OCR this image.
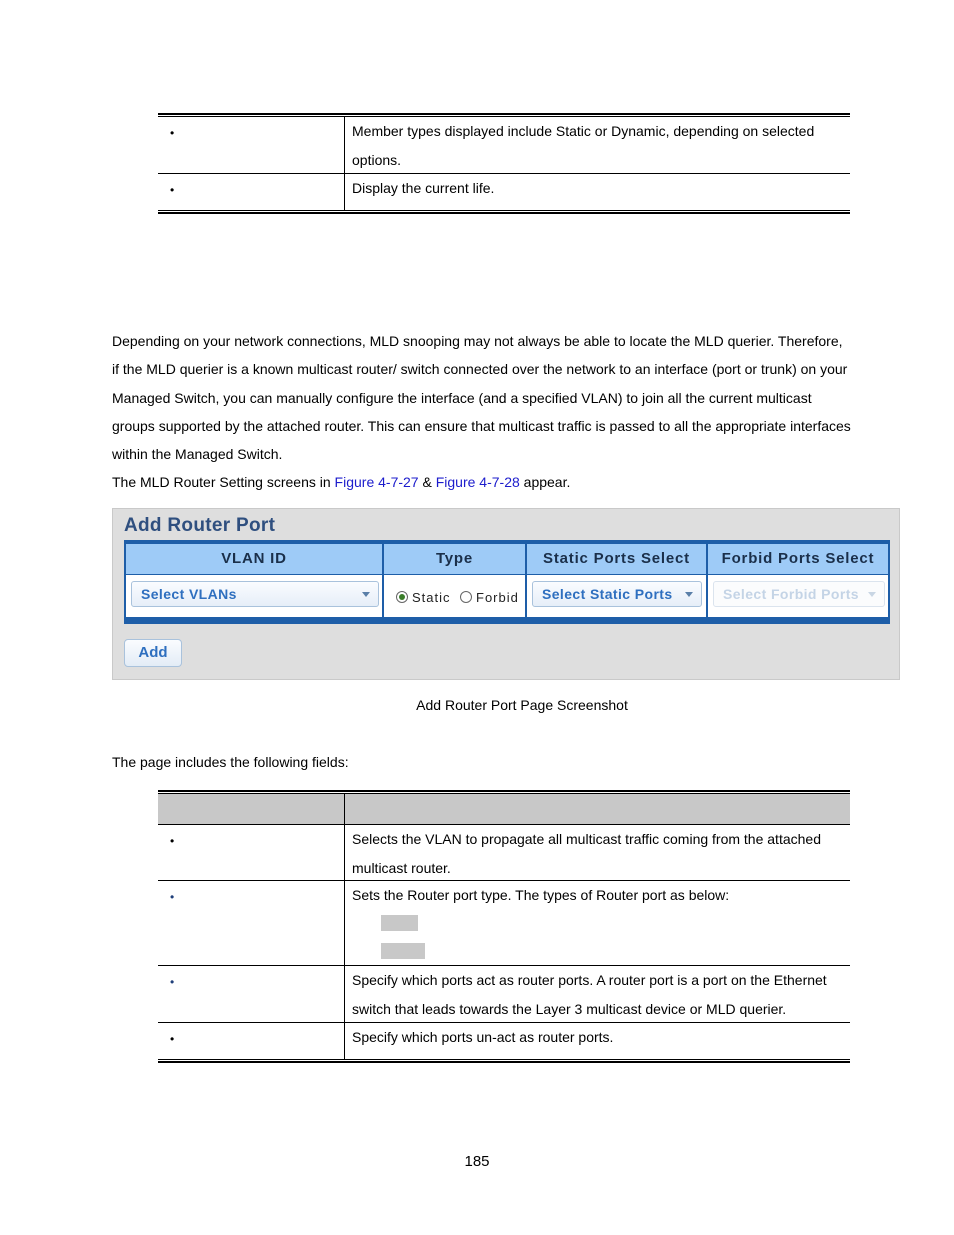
•	Member types displayed include Static or Dynamic, depending on selected options.
•	Display the current life.

Depending on your network connections, MLD snooping may not always be able to locate the MLD querier. Therefore, if the MLD querier is a known multicast router/ switch connected over the network to an interface (port or trunk) on your Managed Switch, you can manually configure the interface (and a specified VLAN) to join all the current multicast groups supported by the attached router. This can ensure that multicast traffic is passed to all the appropriate interfaces within the Managed Switch.

The MLD Router Setting screens in Figure 4-7-27 & Figure 4-7-28 appear.

Add Router Port
VLAN ID	Type	Static Ports Select	Forbid Ports Select
Select VLANs	Static Forbid	Select Static Ports	Select Forbid Ports
Add
Add Router Port Page Screenshot

The page includes the following fields:

•	Selects the VLAN to propagate all multicast traffic coming from the attached multicast router.
•	Sets the Router port type. The types of Router port as below:
•	Specify which ports act as router ports. A router port is a port on the Ethernet switch that leads towards the Layer 3 multicast device or MLD querier.
•	Specify which ports un-act as router ports.
185
